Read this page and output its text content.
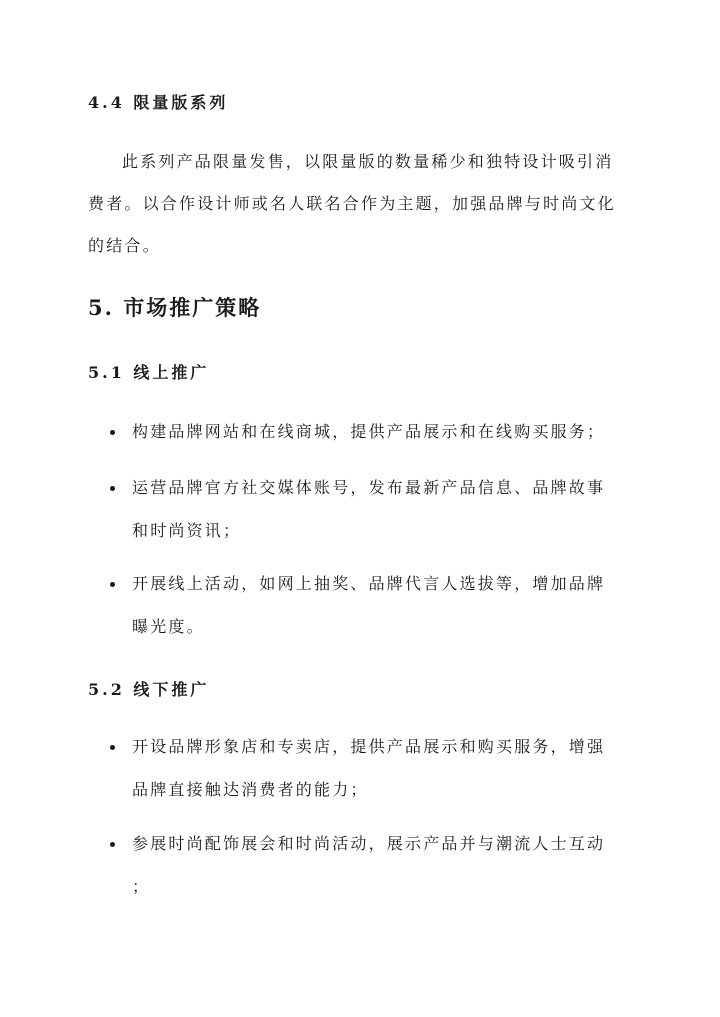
4.4 限量版系列
此系列产品限量发售，以限量版的数量稀少和独特设计吸引消
费者。以合作设计师或名人联名合作为主题，加强品牌与时尚文化
的结合。
5. 市场推广策略
5.1 线上推广
构建品牌网站和在线商城，提供产品展示和在线购买服务；
运营品牌官方社交媒体账号，发布最新产品信息、品牌故事
和时尚资讯；
开展线上活动，如网上抽奖、品牌代言人选拔等，增加品牌
曝光度。
5.2 线下推广
开设品牌形象店和专卖店，提供产品展示和购买服务，增强
品牌直接触达消费者的能力；
参展时尚配饰展会和时尚活动，展示产品并与潮流人士互动
；
